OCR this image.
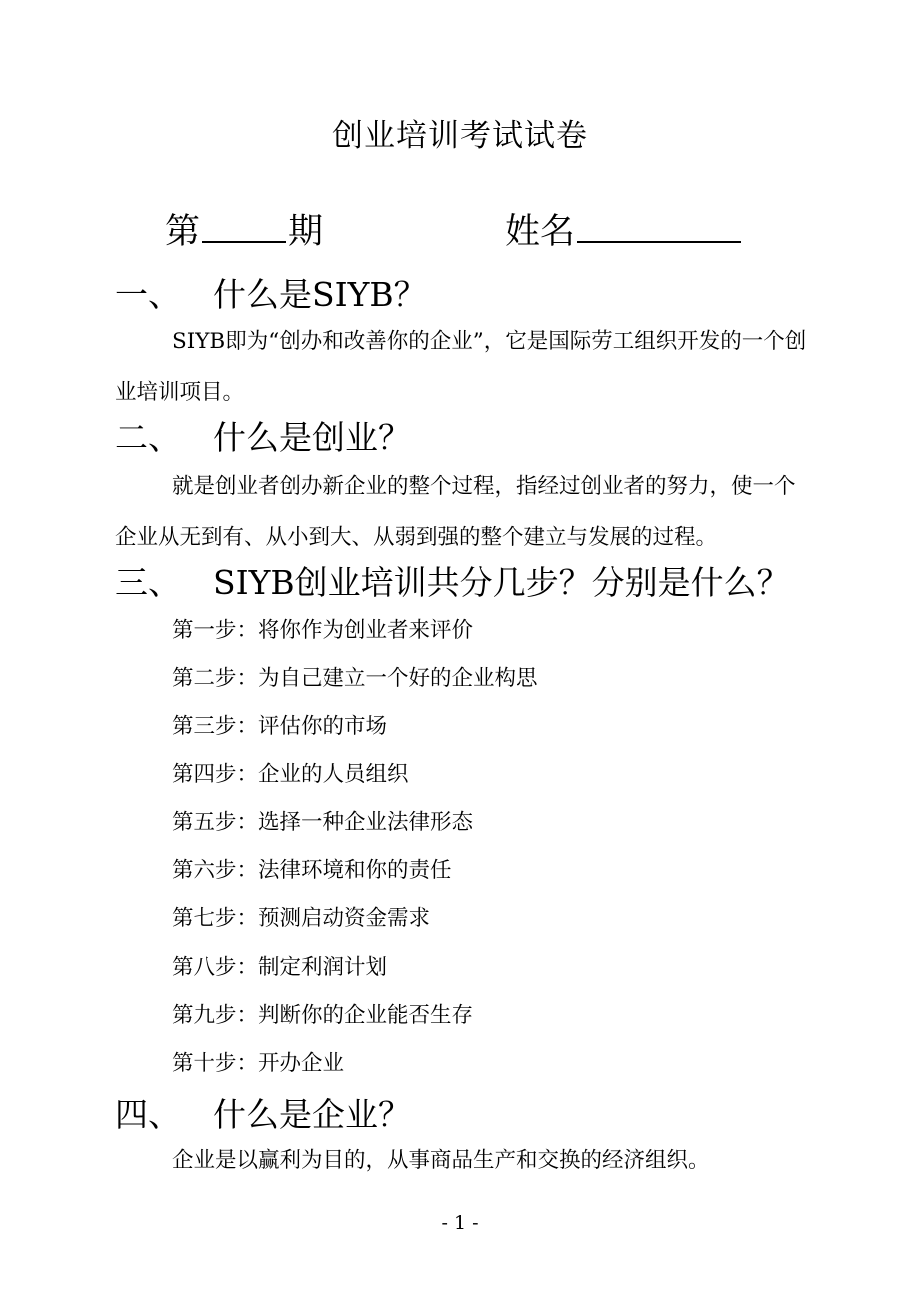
创业培训考试试卷
第	期	姓名
一、 什么是SIYB？
SIYB即为“创办和改善你的企业”，它是国际劳工组织开发的一个创业培训项目。
二、 什么是创业？
就是创业者创办新企业的整个过程，指经过创业者的努力，使一个企业从无到有、从小到大、从弱到强的整个建立与发展的过程。
三、 SIYB创业培训共分几步？分别是什么？
第一步：将你作为创业者来评价
第二步：为自己建立一个好的企业构思
第三步：评估你的市场
第四步：企业的人员组织
第五步：选择一种企业法律形态
第六步：法律环境和你的责任
第七步：预测启动资金需求
第八步：制定利润计划
第九步：判断你的企业能否生存
第十步：开办企业
四、 什么是企业？
企业是以赢利为目的，从事商品生产和交换的经济组织。
- 1 -
